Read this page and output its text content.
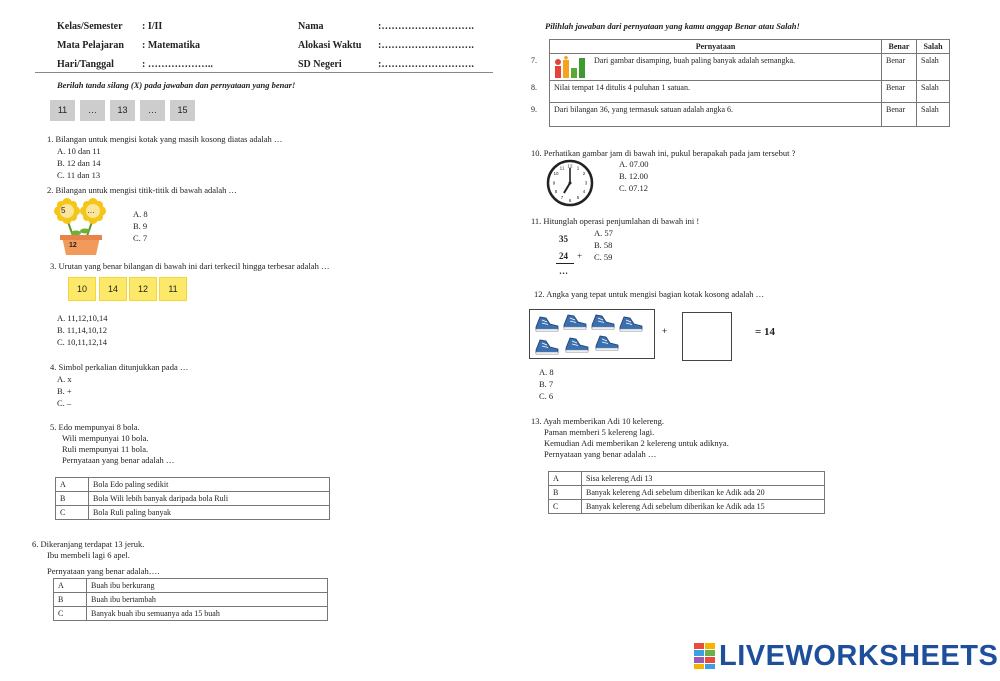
Kelas/Semester : I/II	Nama	:……………………….
Mata Pelajaran : Matematika	Alokasi Waktu :……………………….
Hari/Tanggal	: ………………..	SD Negeri	:……………………….
Berilah tanda silang (X) pada jawaban dan pernyataan yang benar!
11	…	13	…	15
1. Bilangan untuk mengisi kotak yang masih kosong diatas adalah …
A. 10 dan 11
B. 12 dan 14
C. 11 dan 13
2. Bilangan untuk mengisi titik-titik di bawah adalah …
5	…
12
A. 8
B. 9
C. 7
3. Urutan yang benar bilangan di bawah ini dari terkecil hingga terbesar adalah …
10	14	12	11
A. 11,12,10,14
B. 11,14,10,12
C. 10,11,12,14
4. Simbol perkalian ditunjukkan pada …
A. x
B. +
C. –
5. Edo mempunyai 8 bola.
Wili mempunyai 10 bola.
Ruli mempunyai 11 bola.
Pernyataan yang benar adalah …
A	Bola Edo paling sedikit
B	Bola Wili lebih banyak daripada bola Ruli
C	Bola Ruli paling banyak
6. Dikeranjang terdapat 13 jeruk.
Ibu membeli lagi 6 apel.
Pernyataan yang benar adalah….
A	Buah ibu berkurang
B	Buah ibu bertambah
C	Banyak buah ibu semuanya ada 15 buah
Pilihlah jawaban dari pernyataan yang kamu anggap Benar atau Salah!
	Pernyataan	Benar	Salah
7.	Dari gambar disamping, buah paling banyak adalah semangka.	Benar	Salah
8.	Nilai tempat 14 ditulis 4 puluhan 1 satuan.	Benar	Salah
9.	Dari bilangan 36, yang termasuk satuan adalah angka 6.	Benar	Salah
10. Perhatikan gambar jam di bawah ini, pukul berapakah pada jam tersebut ?
12 1
2
3
4
5
6
7
8
9
10
11	A. 07.00
B. 12.00
C. 07.12
11. Hitunglah operasi penjumlahan di bawah ini !
35
24 +
…
A. 57
B. 58
C. 59
12. Angka yang tepat untuk mengisi bagian kotak kosong adalah …
+	= 14
A. 8
B. 7
C. 6
13. Ayah memberikan Adi 10 kelereng.
Paman memberi 5 kelereng lagi.
Kemudian Adi memberikan 2 kelereng untuk adiknya.
Pernyataan yang benar adalah …
A	Sisa kelereng Adi 13
B	Banyak kelereng Adi sebelum diberikan ke Adik ada 20
C	Banyak kelereng Adi sebelum diberikan ke Adik ada 15
LIVEWORKSHEETS
